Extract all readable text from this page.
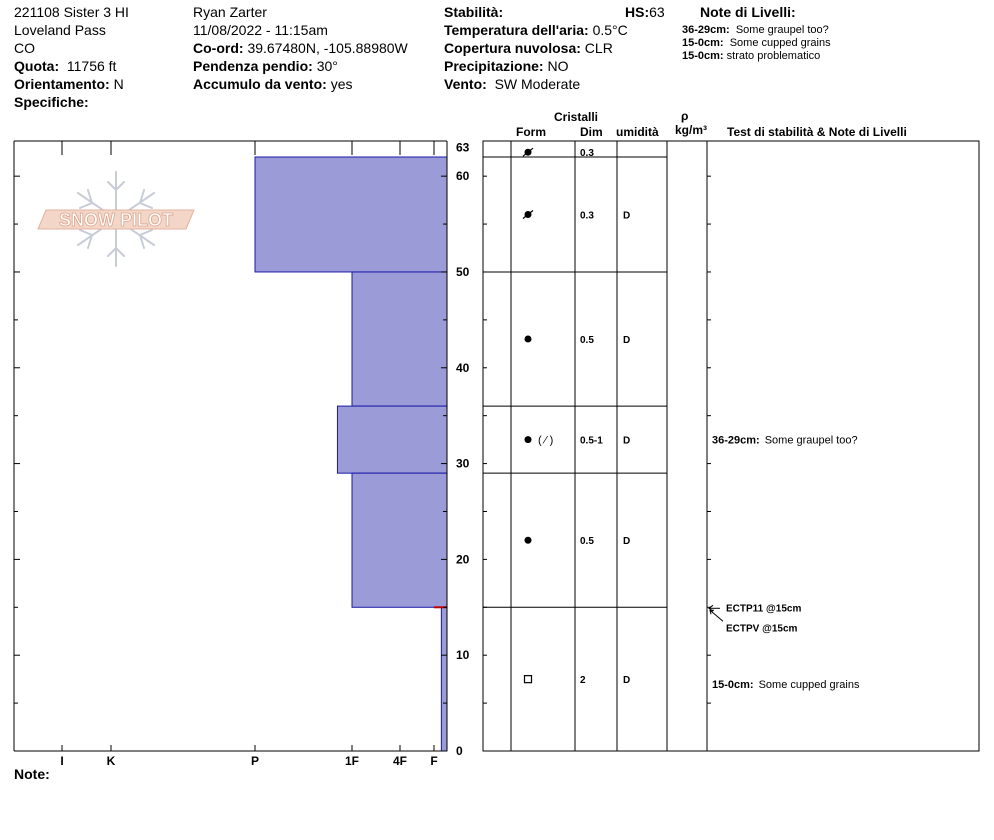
221108 Sister 3 HI
Loveland Pass
CO
Quota: 11756 ft
Orientamento: N
Specifiche:
Ryan Zarter
11/08/2022 - 11:15am
Co-ord: 39.67480N, -105.88980W
Pendenza pendio: 30°
Accumulo da vento: yes
Stabilità:	HS:63
Temperatura dell'aria: 0.5°C
Copertura nuvolosa: CLR
Precipitazione: NO
Vento: SW Moderate
Note di Livelli:
36-29cm: Some graupel too?
15-0cm: Some cupped grains
15-0cm: strato problematico
Cristalli
Form	Dim umidità
ρ
kg/m³ Test di stabilità & Note di Livelli
Note:
SNOW PILOT
0
10
20
30
40
50
60
63
I	K	P	1F	4F F
0.3
0.3	D
0.5	D
( ⁄ )	0.5-1 D
0.5	D
2	D
ECTP11 @15cm
ECTPV @15cm
36-29cm: Some graupel too?
15-0cm: Some cupped grains
